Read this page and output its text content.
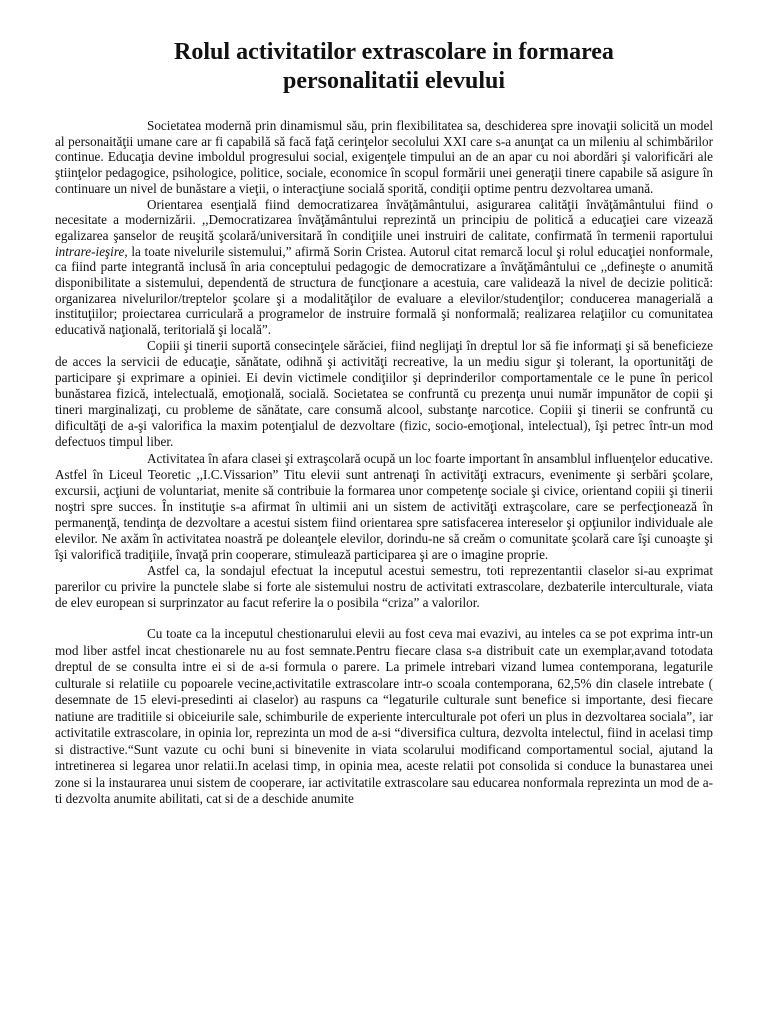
Rolul activitatilor extrascolare in formarea
personalitatii elevului

Societatea modernă prin dinamismul său, prin flexibilitatea sa, deschiderea spre inovaţii solicită un model al personaităţii umane care ar fi capabilă să facă faţă cerinţelor secolului XXI care s-a anunţat ca un mileniu al schimbărilor continue. Educaţia devine imboldul progresului social, exigenţele timpului an de an apar cu noi abordări şi valorificări ale ştiinţelor pedagogice, psihologice, politice, sociale, economice în scopul formării unei generaţii tinere capabile să asigure în continuare un nivel de bunăstare a vieţii, o interacţiune socială sporită, condiţii optime pentru dezvoltarea umană.

Orientarea esenţială fiind democratizarea învăţământului, asigurarea calităţii învăţământului fiind o necesitate a modernizării. ,,Democratizarea învăţământului reprezintă un principiu de politică a educaţiei care vizează egalizarea şanselor de reuşită şcolară/universitară în condiţiile unei instruiri de calitate, confirmată în termenii raportului intrare-ieşire, la toate nivelurile sistemului,” afirmă Sorin Cristea. Autorul citat remarcă locul şi rolul educaţiei nonformale, ca fiind parte integrantă inclusă în aria conceptului pedagogic de democratizare a învăţământului ce ,,defineşte o anumită disponibilitate a sistemului, dependentă de structura de funcţionare a acestuia, care validează la nivel de decizie politică: organizarea nivelurilor/treptelor şcolare şi a modalităţilor de evaluare a elevilor/studenţilor; conducerea managerială a instituţiilor; proiectarea curriculară a programelor de instruire formală şi nonformală; realizarea relaţiilor cu comunitatea educativă naţională, teritorială şi locală”.

Copiii şi tinerii suportă consecinţele sărăciei, fiind neglijaţi în dreptul lor să fie informaţi şi să beneficieze de acces la servicii de educaţie, sănătate, odihnă şi activităţi recreative, la un mediu sigur şi tolerant, la oportunităţi de participare şi exprimare a opiniei. Ei devin victimele condiţiilor şi deprinderilor comportamentale ce le pune în pericol bunăstarea fizică, intelectuală, emoţională, socială. Societatea se confruntă cu prezenţa unui număr impunător de copii şi tineri marginalizaţi, cu probleme de sănătate, care consumă alcool, substanţe narcotice. Copiii şi tinerii se confruntă cu dificultăţi de a-şi valorifica la maxim potenţialul de dezvoltare (fizic, socio-emoţional, intelectual), îşi petrec într-un mod defectuos timpul liber.

Activitatea în afara clasei şi extraşcolară ocupă un loc foarte important în ansamblul influenţelor educative. Astfel în Liceul Teoretic ,,I.C.Vissarion” Titu elevii sunt antrenaţi în activităţi extracurs, evenimente şi serbări şcolare, excursii, acţiuni de voluntariat, menite să contribuie la formarea unor competenţe sociale şi civice, orientand copiii şi tinerii noştri spre succes. În instituţie s-a afirmat în ultimii ani un sistem de activităţi extraşcolare, care se perfecţionează în permanenţă, tendinţa de dezvoltare a acestui sistem fiind orientarea spre satisfacerea intereselor şi opţiunilor individuale ale elevilor. Ne axăm în activitatea noastră pe doleanţele elevilor, dorindu-ne să creăm o comunitate şcolară care îşi cunoaşte şi îşi valorifică tradiţiile, învaţă prin cooperare, stimulează participarea şi are o imagine proprie.

Astfel ca, la sondajul efectuat la inceputul acestui semestru, toti reprezentantii claselor si-au exprimat parerilor cu privire la punctele slabe si forte ale sistemului nostru de activitati extrascolare, dezbaterile interculturale, viata de elev european si surprinzator au facut referire la o posibila “criza” a valorilor.

Cu toate ca la inceputul chestionarului elevii au fost ceva mai evazivi, au inteles ca se pot exprima intr-un mod liber astfel incat chestionarele nu au fost semnate.Pentru fiecare clasa s-a distribuit cate un exemplar,avand totodata dreptul de se consulta intre ei si de a-si formula o parere. La primele intrebari vizand lumea contemporana, legaturile culturale si relatiile cu popoarele vecine,activitatile extrascolare intr-o scoala contemporana, 62,5% din clasele intrebate ( desemnate de 15 elevi-presedinti ai claselor) au raspuns ca “legaturile culturale sunt benefice si importante, desi fiecare natiune are traditiile si obiceiurile sale, schimburile de experiente interculturale pot oferi un plus in dezvoltarea sociala”, iar activitatile extrascolare, in opinia lor, reprezinta un mod de a-si “diversifica cultura, dezvolta intelectul, fiind in acelasi timp si distractive.“Sunt vazute cu ochi buni si binevenite in viata scolarului modificand comportamentul social, ajutand la intretinerea si legarea unor relatii.In acelasi timp, in opinia mea, aceste relatii pot consolida si conduce la bunastarea unei zone si la instaurarea unui sistem de cooperare, iar activitatile extrascolare sau educarea nonformala reprezinta un mod de a-ti dezvolta anumite abilitati, cat si de a deschide anumite
